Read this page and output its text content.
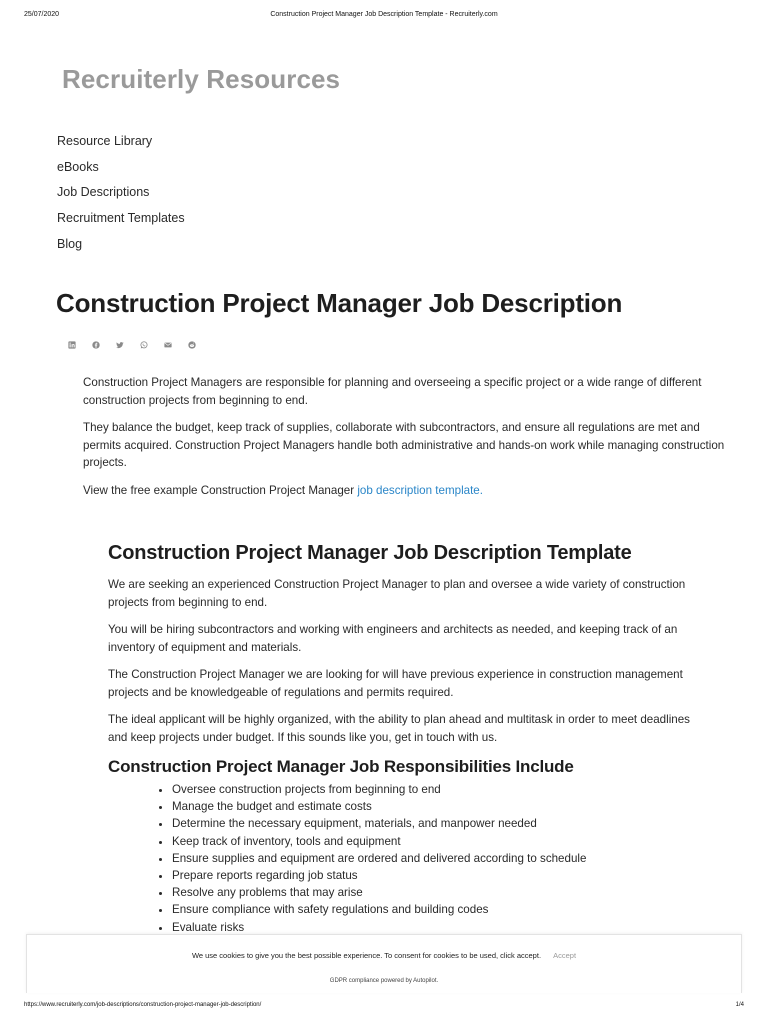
25/07/2020	Construction Project Manager Job Description Template - Recruiterly.com
Recruiterly Resources
Resource Library
eBooks
Job Descriptions
Recruitment Templates
Blog
Construction Project Manager Job Description

Construction Project Managers are responsible for planning and overseeing a specific project or a wide range of different construction projects from beginning to end.

They balance the budget, keep track of supplies, collaborate with subcontractors, and ensure all regulations are met and permits acquired. Construction Project Managers handle both administrative and hands-on work while managing construction projects.

View the free example Construction Project Manager job description template.

Construction Project Manager Job Description Template

We are seeking an experienced Construction Project Manager to plan and oversee a wide variety of construction projects from beginning to end.

You will be hiring subcontractors and working with engineers and architects as needed, and keeping track of an inventory of equipment and materials.

The Construction Project Manager we are looking for will have previous experience in construction management projects and be knowledgeable of regulations and permits required.

The ideal applicant will be highly organized, with the ability to plan ahead and multitask in order to meet deadlines and keep projects under budget. If this sounds like you, get in touch with us.

Construction Project Manager Job Responsibilities Include
• Oversee construction projects from beginning to end
• Manage the budget and estimate costs
• Determine the necessary equipment, materials, and manpower needed
• Keep track of inventory, tools and equipment
• Ensure supplies and equipment are ordered and delivered according to schedule
• Prepare reports regarding job status
• Resolve any problems that may arise
• Ensure compliance with safety regulations and building codes
• Evaluate risks
We use cookies to give you the best possible experience. To consent for cookies to be used, click accept. Accept
GDPR compliance powered by Autopilot.
https://www.recruiterly.com/job-descriptions/construction-project-manager-job-description/	1/4
